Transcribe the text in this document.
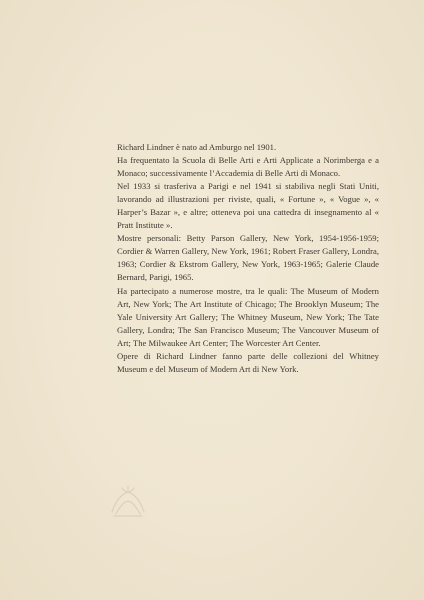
Richard Lindner è nato ad Amburgo nel 1901.

Ha frequentato la Scuola di Belle Arti e Arti Applicate a Norimberga e a Monaco; successivamente l’Accademia di Belle Arti di Monaco.

Nel 1933 si trasferiva a Parigi e nel 1941 si stabiliva negli Stati Uniti, lavorando ad illustrazioni per riviste, quali, « Fortune », « Vogue », « Harper’s Bazar », e altre; otteneva poi una cattedra di insegnamento al « Pratt Institute ».

Mostre personali: Betty Parson Gallery, New York, 1954-1956-1959; Cordier & Warren Gallery, New York, 1961; Robert Fraser Gallery, Londra, 1963; Cordier & Ekstrom Gallery, New York, 1963-1965; Galerie Claude Bernard, Parigi, 1965.

Ha partecipato a numerose mostre, tra le quali: The Museum of Modern Art, New York; The Art Institute of Chicago; The Brooklyn Museum; The Yale University Art Gallery; The Whitney Museum, New York; The Tate Gallery, Londra; The San Francisco Museum; The Vancouver Museum of Art; The Milwaukee Art Center; The Worcester Art Center.

Opere di Richard Lindner fanno parte delle collezioni del Whitney Museum e del Museum of Modern Art di New York.
